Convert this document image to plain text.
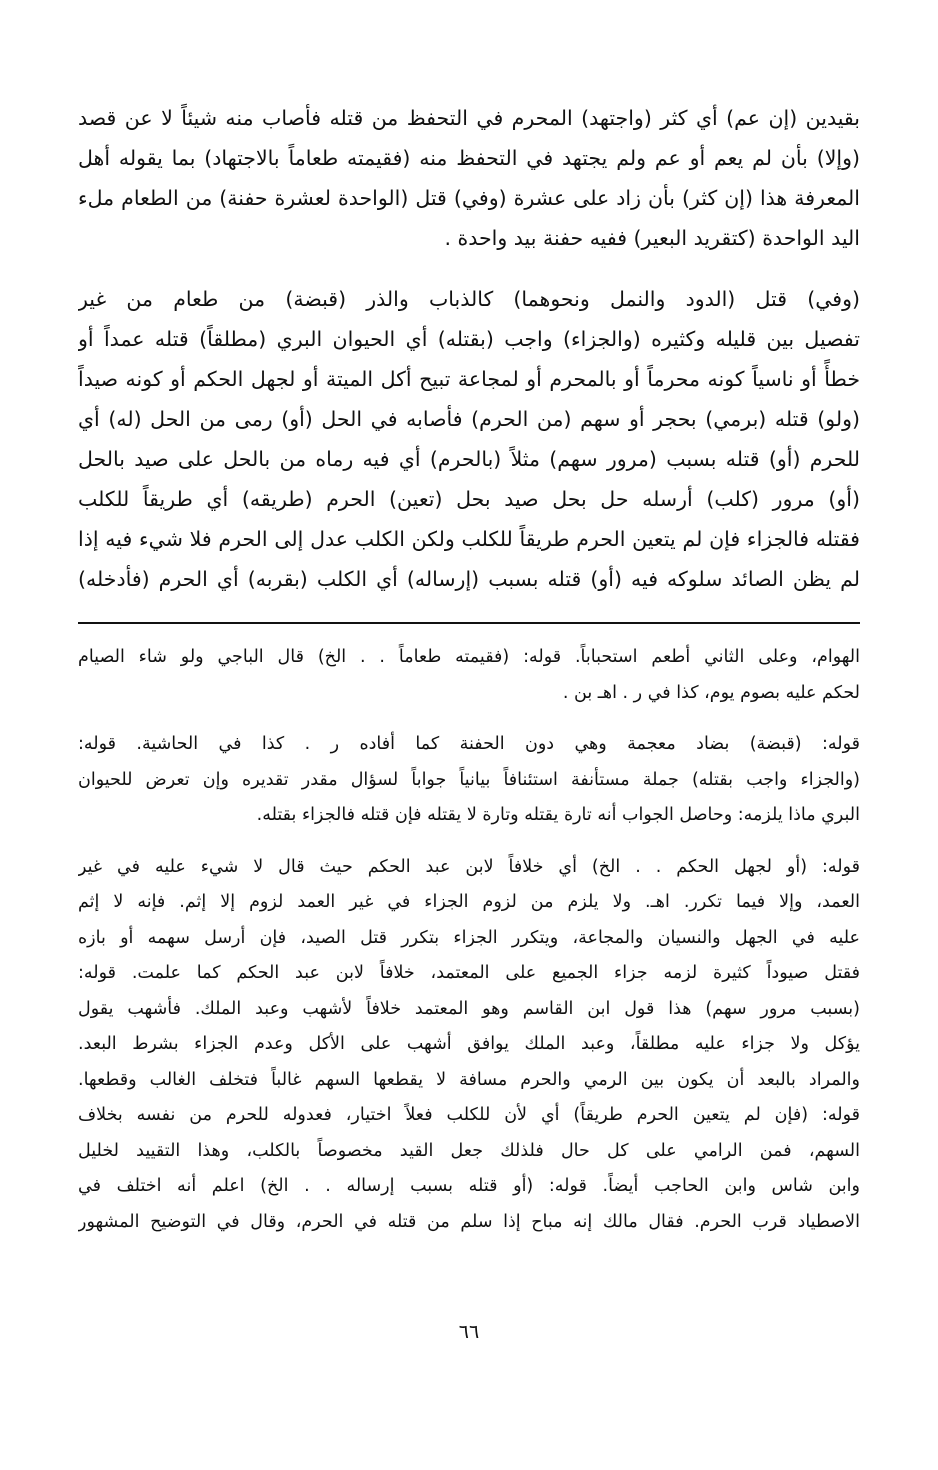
بقيدين (إن عم) أي كثر (واجتهد) المحرم في التحفظ من قتله فأصاب منه شيئاً لا عن قصد
(وإلا) بأن لم يعم أو عم ولم يجتهد في التحفظ منه (فقيمته طعاماً بالاجتهاد) بما يقوله أهل
المعرفة هذا (إن كثر) بأن زاد على عشرة (وفي) قتل (الواحدة لعشرة حفنة) من الطعام ملء
اليد الواحدة (كتقريد البعير) ففيه حفنة بيد واحدة .
(وفي) قتل (الدود والنمل ونحوهما) كالذباب والذر (قبضة) من طعام من غير
تفصيل بين قليله وكثيره (والجزاء) واجب (بقتله) أي الحيوان البري (مطلقاً) قتله عمداً أو
خطأً أو ناسياً كونه محرماً أو بالمحرم أو لمجاعة تبيح أكل الميتة أو لجهل الحكم أو كونه صيداً
(ولو) قتله (برمي) بحجر أو سهم (من الحرم) فأصابه في الحل (أو) رمى من الحل (له) أي
للحرم (أو) قتله بسبب (مرور سهم) مثلاً (بالحرم) أي فيه رماه من بالحل على صيد بالحل
(أو) مرور (كلب) أرسله حل بحل صيد بحل (تعين) الحرم (طريقه) أي طريقاً للكلب
فقتله فالجزاء فإن لم يتعين الحرم طريقاً للكلب ولكن الكلب عدل إلى الحرم فلا شيء فيه إذا
لم يظن الصائد سلوكه فيه (أو) قتله بسبب (إرساله) أي الكلب (بقربه) أي الحرم (فأدخله)
الهوام، وعلى الثاني أطعم استحباباً. قوله: (فقيمته طعاماً . . الخ) قال الباجي ولو شاء الصيام
لحكم عليه بصوم يوم، كذا في ر . اهـ بن .
قوله: (قبضة) بضاد معجمة وهي دون الحفنة كما أفاده ر . كذا في الحاشية. قوله:
(والجزاء واجب بقتله) جملة مستأنفة استئنافاً بيانياً جواباً لسؤال مقدر تقديره وإن تعرض للحيوان
البري ماذا يلزمه: وحاصل الجواب أنه تارة يقتله وتارة لا يقتله فإن قتله فالجزاء بقتله.
قوله: (أو لجهل الحكم . . الخ) أي خلافاً لابن عبد الحكم حيث قال لا شيء عليه في غير
العمد، وإلا فيما تكرر. اهـ. ولا يلزم من لزوم الجزاء في غير العمد لزوم إلا إثم. فإنه لا إثم
عليه في الجهل والنسيان والمجاعة، ويتكرر الجزاء بتكرر قتل الصيد، فإن أرسل سهمه أو بازه
فقتل صيوداً كثيرة لزمه جزاء الجميع على المعتمد، خلافاً لابن عبد الحكم كما علمت. قوله:
(بسبب مرور سهم) هذا قول ابن القاسم وهو المعتمد خلافاً لأشهب وعبد الملك. فأشهب يقول
يؤكل ولا جزاء عليه مطلقاً، وعبد الملك يوافق أشهب على الأكل وعدم الجزاء بشرط البعد.
والمراد بالبعد أن يكون بين الرمي والحرم مسافة لا يقطعها السهم غالباً فتخلف الغالب وقطعها.
قوله: (فإن لم يتعين الحرم طريقاً) أي لأن للكلب فعلاً اختيار، فعدوله للحرم من نفسه بخلاف
السهم، فمن الرامي على كل حال فلذلك جعل القيد مخصوصاً بالكلب، وهذا التقييد لخليل
وابن شاس وابن الحاجب أيضاً. قوله: (أو قتله بسبب إرساله . . الخ) اعلم أنه اختلف في
الاصطياد قرب الحرم. فقال مالك إنه مباح إذا سلم من قتله في الحرم، وقال في التوضيح المشهور
٦٦
